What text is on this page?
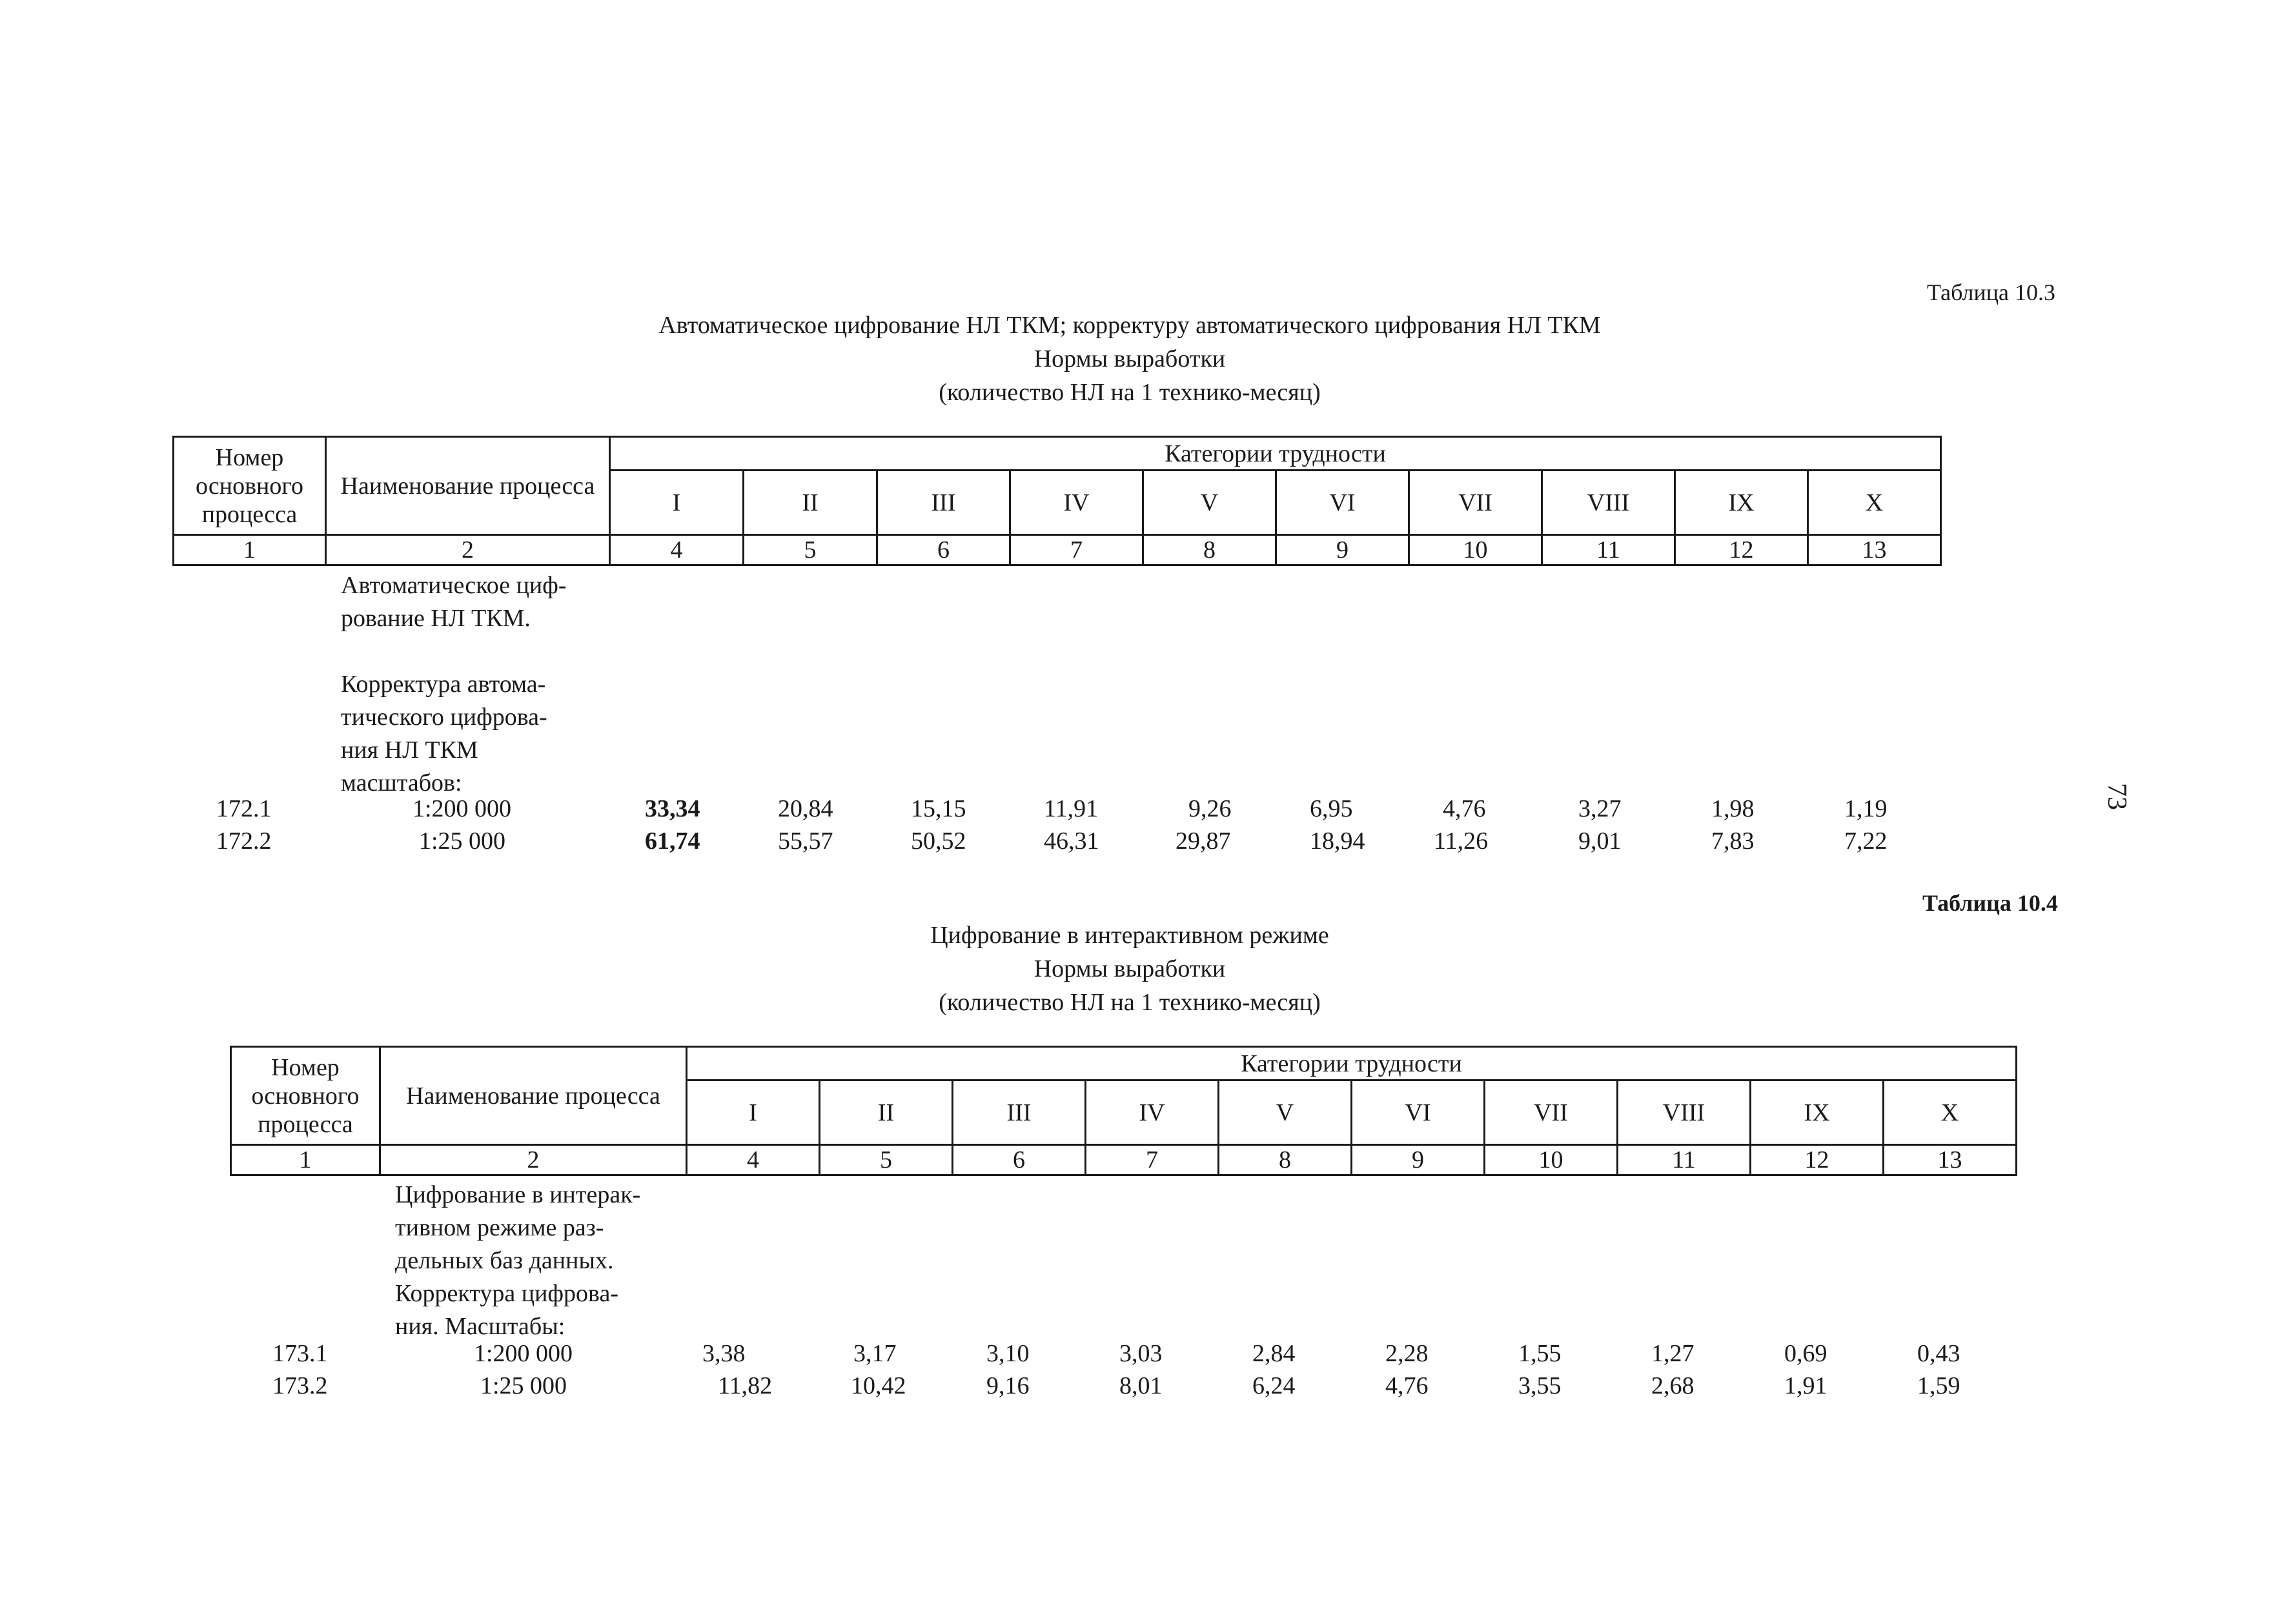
73
Таблица 10.3
Автоматическое цифрование НЛ ТКМ; корректуру автоматического цифрования НЛ ТКМ
Нормы выработки
(количество НЛ на 1 технико-месяц)
Номер основного процесса	Наименование процесса	Категории трудности									
		I	II	III	IV	V	VI	VII	VIII	IX	X
1	2	4	5	6	7	8	9	10	11	12	13
Автоматическое циф-
рование НЛ ТКМ.
Корректура автома-
тического цифрова-
ния НЛ ТКМ
масштабов:
172.1	1:200 000	33,34	20,84	15,15	11,91	9,26	6,95	4,76	3,27	1,98	1,19
172.2	1:25 000	61,74	55,57	50,52	46,31	29,87	18,94	11,26	9,01	7,83	7,22
Таблица 10.4
Цифрование в интерактивном режиме
Нормы выработки
(количество НЛ на 1 технико-месяц)
Номер основного процесса	Наименование процесса	Категории трудности									
		I	II	III	IV	V	VI	VII	VIII	IX	X
1	2	4	5	6	7	8	9	10	11	12	13
Цифрование в интерак-
тивном режиме раз-
дельных баз данных.
Корректура цифрова-
ния. Масштабы:
173.1	1:200 000	3,38	3,17	3,10	3,03	2,84	2,28	1,55	1,27	0,69	0,43
173.2	1:25 000	11,82	10,42	9,16	8,01	6,24	4,76	3,55	2,68	1,91	1,59
